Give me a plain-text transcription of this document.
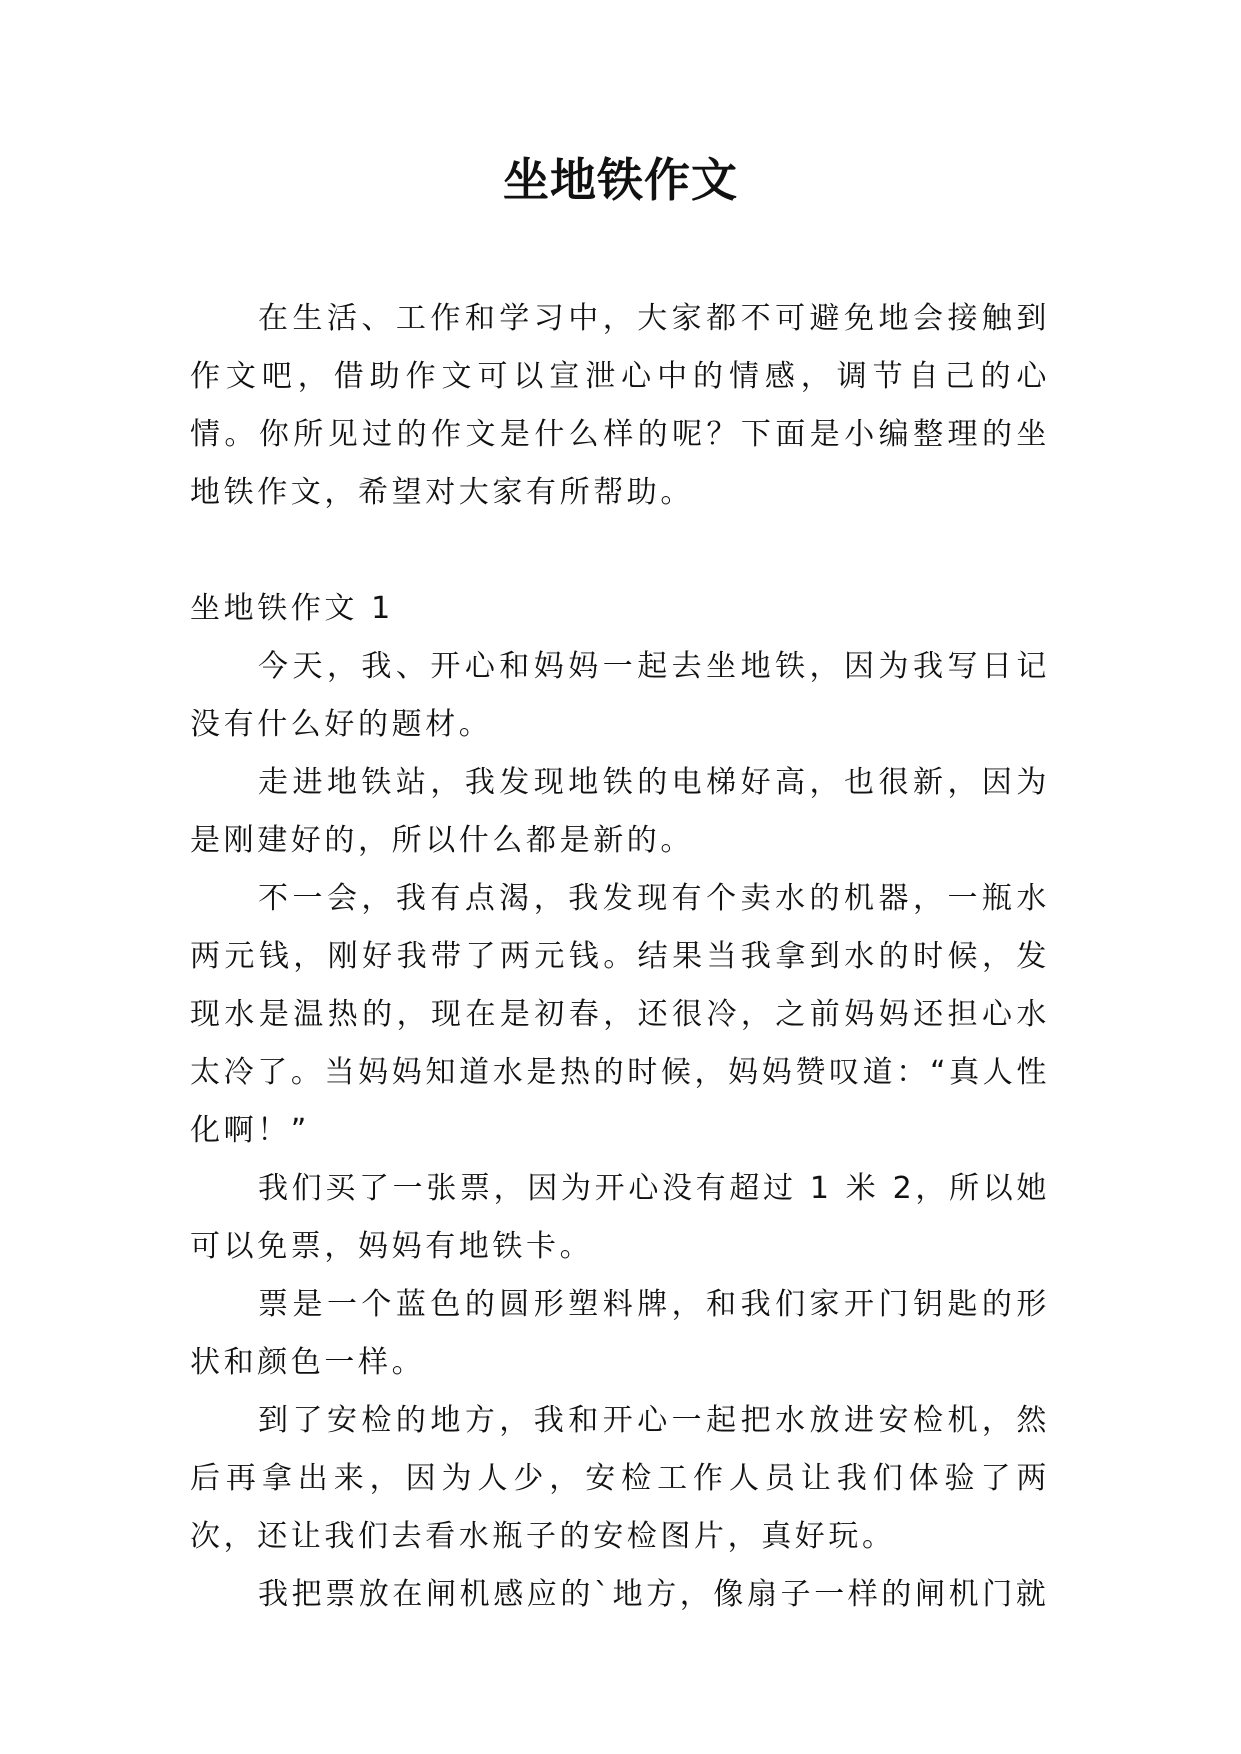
坐地铁作文

在生活、工作和学习中，大家都不可避免地会接触到作文吧，借助作文可以宣泄心中的情感，调节自己的心情。你所见过的作文是什么样的呢？下面是小编整理的坐地铁作文，希望对大家有所帮助。

坐地铁作文 1

今天，我、开心和妈妈一起去坐地铁，因为我写日记没有什么好的题材。

走进地铁站，我发现地铁的电梯好高，也很新，因为是刚建好的，所以什么都是新的。

不一会，我有点渴，我发现有个卖水的机器，一瓶水两元钱，刚好我带了两元钱。结果当我拿到水的时候，发现水是温热的，现在是初春，还很冷，之前妈妈还担心水太冷了。当妈妈知道水是热的时候，妈妈赞叹道：“真人性化啊！”

我们买了一张票，因为开心没有超过 1 米 2，所以她可以免票，妈妈有地铁卡。

票是一个蓝色的圆形塑料牌，和我们家开门钥匙的形状和颜色一样。

到了安检的地方，我和开心一起把水放进安检机，然后再拿出来，因为人少，安检工作人员让我们体验了两次，还让我们去看水瓶子的安检图片，真好玩。

我把票放在闸机感应的`地方，像扇子一样的闸机门就
